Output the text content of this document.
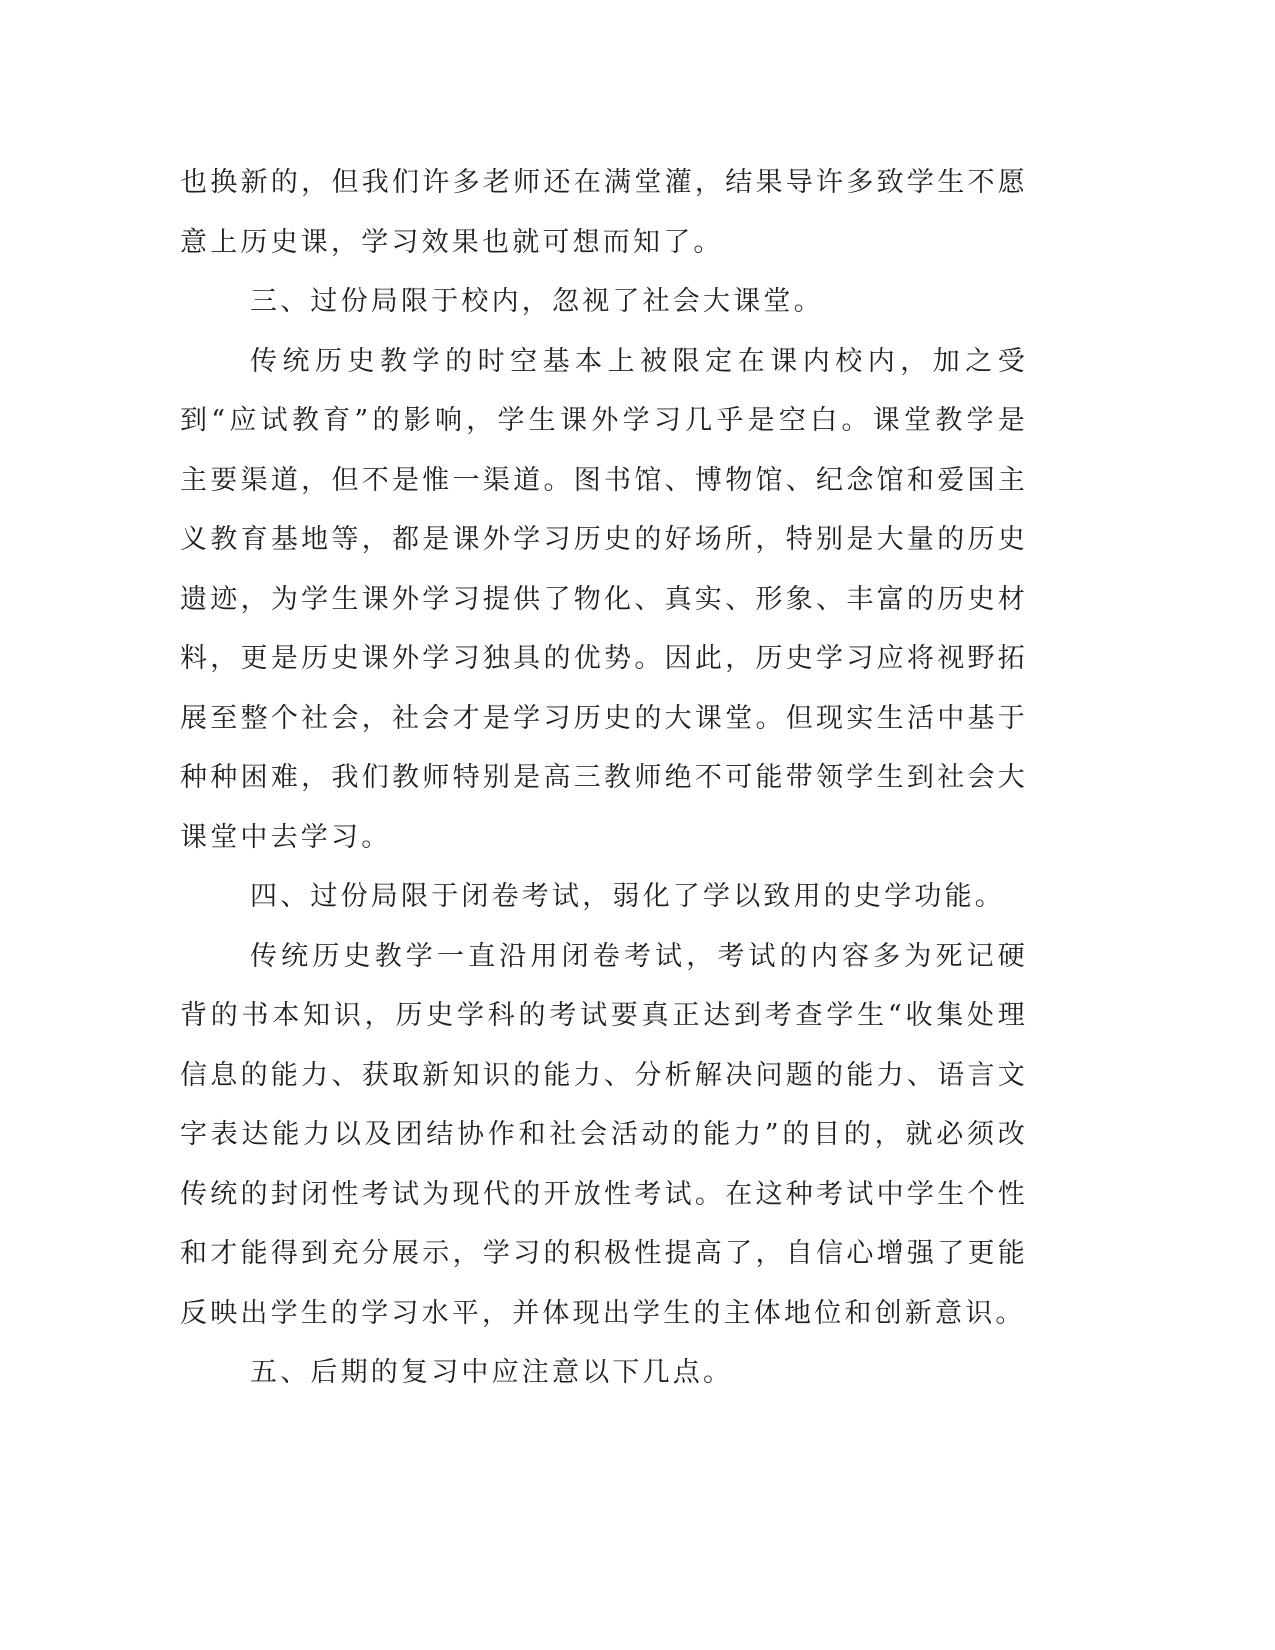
也换新的，但我们许多老师还在满堂灌，结果导许多致学生不愿意上历史课，学习效果也就可想而知了。

三、过份局限于校内，忽视了社会大课堂。

传统历史教学的时空基本上被限定在课内校内，加之受到“应试教育”的影响，学生课外学习几乎是空白。课堂教学是主要渠道，但不是惟一渠道。图书馆、博物馆、纪念馆和爱国主义教育基地等，都是课外学习历史的好场所，特别是大量的历史遗迹，为学生课外学习提供了物化、真实、形象、丰富的历史材料，更是历史课外学习独具的优势。因此，历史学习应将视野拓展至整个社会，社会才是学习历史的大课堂。但现实生活中基于种种困难，我们教师特别是高三教师绝不可能带领学生到社会大课堂中去学习。

四、过份局限于闭卷考试，弱化了学以致用的史学功能。

传统历史教学一直沿用闭卷考试，考试的内容多为死记硬背的书本知识，历史学科的考试要真正达到考查学生“收集处理信息的能力、获取新知识的能力、分析解决问题的能力、语言文字表达能力以及团结协作和社会活动的能力”的目的，就必须改传统的封闭性考试为现代的开放性考试。在这种考试中学生个性和才能得到充分展示，学习的积极性提高了，自信心增强了更能反映出学生的学习水平，并体现出学生的主体地位和创新意识。

五、后期的复习中应注意以下几点。
